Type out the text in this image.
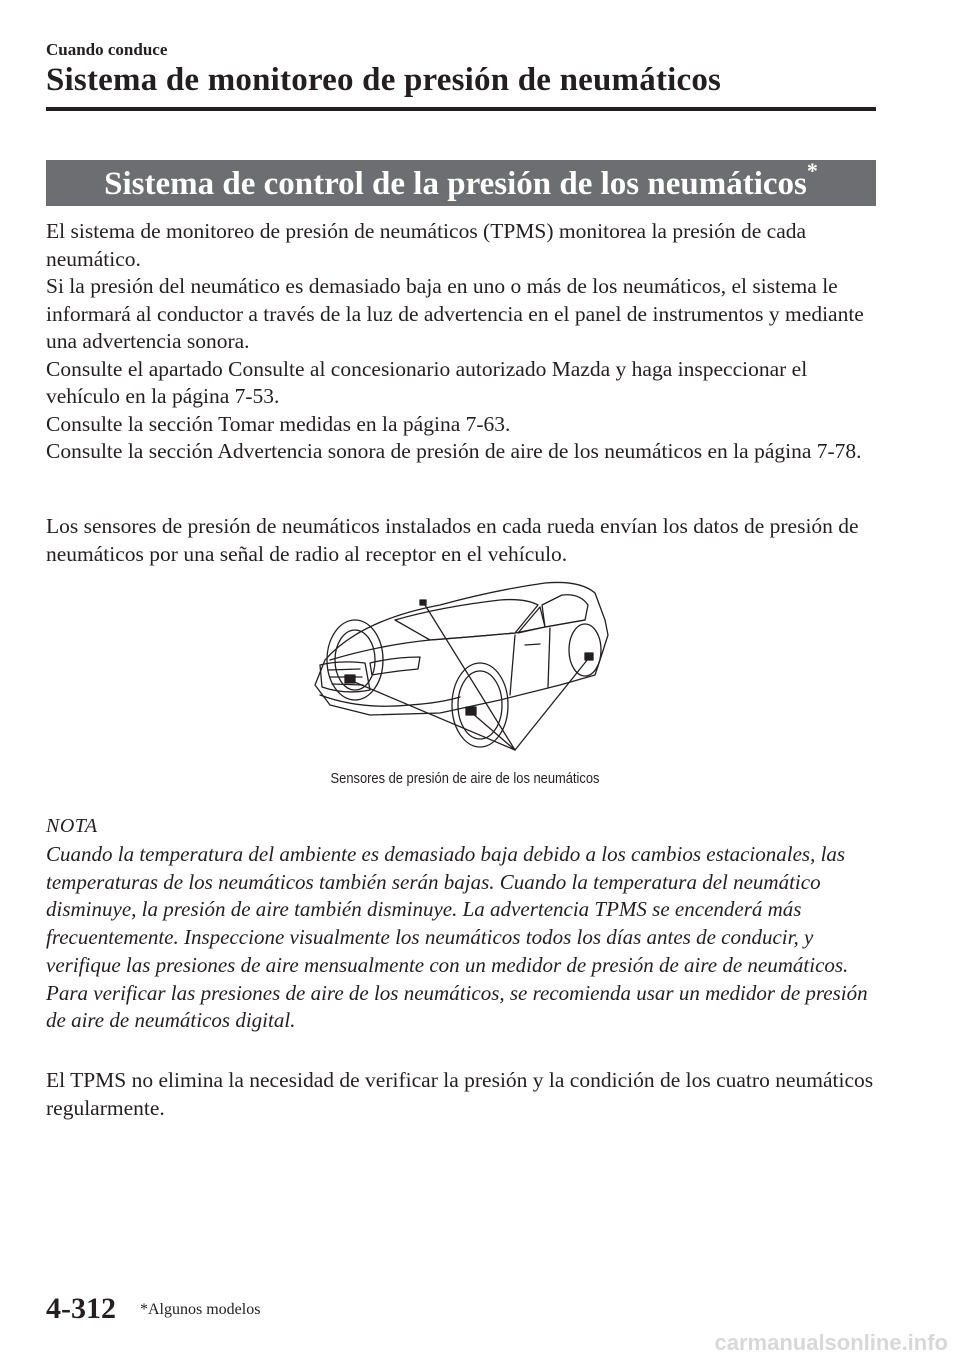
Cuando conduce
Sistema de monitoreo de presión de neumáticos
Sistema de control de la presión de los neumáticos*

El sistema de monitoreo de presión de neumáticos (TPMS) monitorea la presión de cada neumático.

Si la presión del neumático es demasiado baja en uno o más de los neumáticos, el sistema le informará al conductor a través de la luz de advertencia en el panel de instrumentos y mediante una advertencia sonora.

Consulte el apartado Consulte al concesionario autorizado Mazda y haga inspeccionar el vehículo en la página 7-53.

Consulte la sección Tomar medidas en la página 7-63.

Consulte la sección Advertencia sonora de presión de aire de los neumáticos en la página 7-78.

Los sensores de presión de neumáticos instalados en cada rueda envían los datos de presión de neumáticos por una señal de radio al receptor en el vehículo.
Sensores de presión de aire de los neumáticos
NOTA
Cuando la temperatura del ambiente es demasiado baja debido a los cambios estacionales, las temperaturas de los neumáticos también serán bajas. Cuando la temperatura del neumático disminuye, la presión de aire también disminuye. La advertencia TPMS se encenderá más frecuentemente. Inspeccione visualmente los neumáticos todos los días antes de conducir, y verifique las presiones de aire mensualmente con un medidor de presión de aire de neumáticos. Para verificar las presiones de aire de los neumáticos, se recomienda usar un medidor de presión de aire de neumáticos digital.
El TPMS no elimina la necesidad de verificar la presión y la condición de los cuatro neumáticos regularmente.
4-312 *Algunos modelos
carmanualsonline.info
